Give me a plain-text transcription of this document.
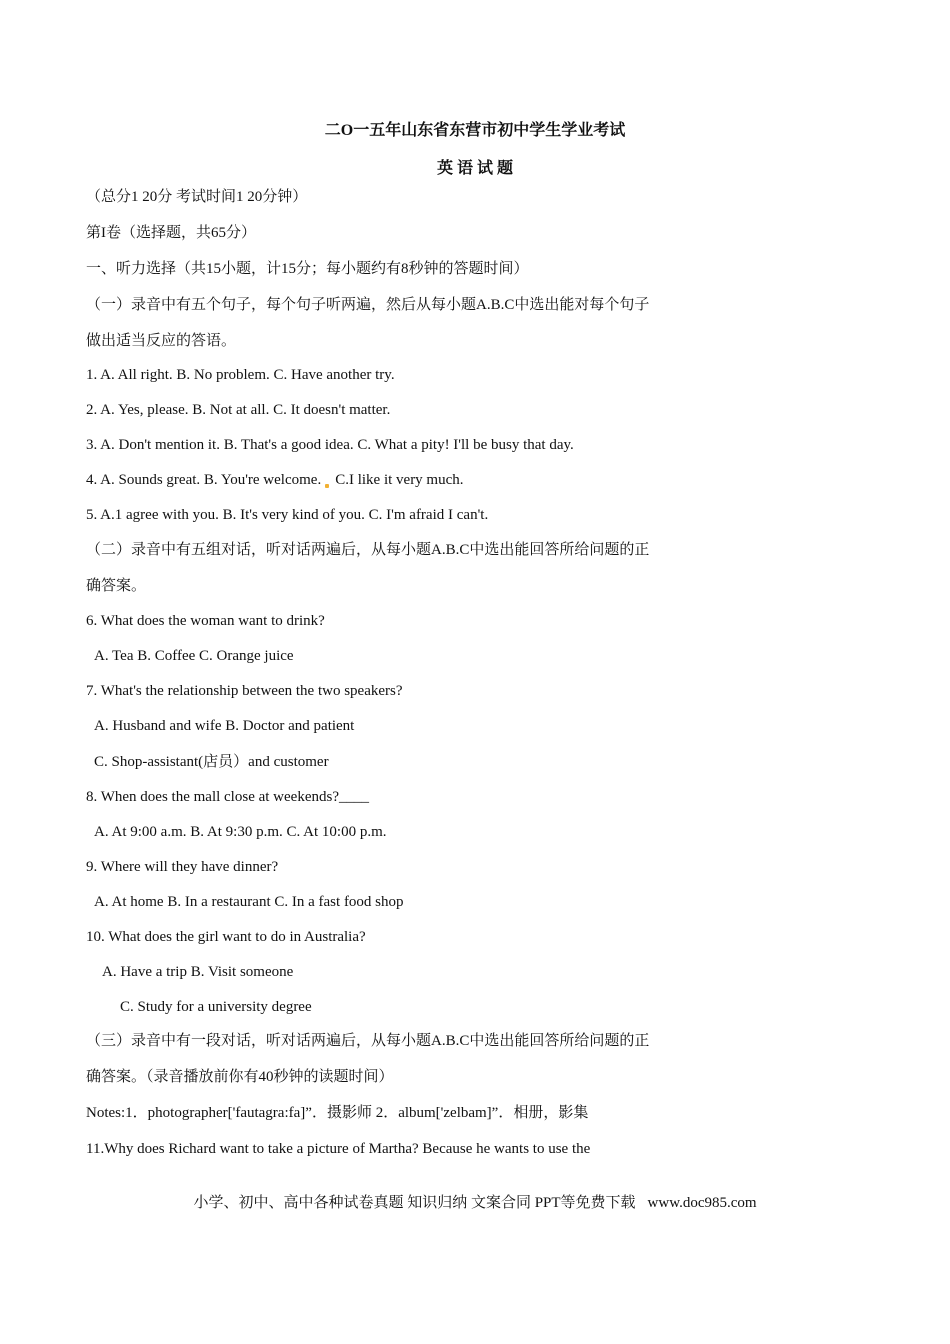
二O一五年山东省东营市初中学生学业考试
英 语 试 题
（总分1 20分 考试时间1 20分钟）
第I卷（选择题，共65分）
一、听力选择（共15小题，计15分；每小题约有8秒钟的答题时间）
（一）录音中有五个句子，每个句子听两遍，然后从每小题A.B.C中选出能对每个句子
做出适当反应的答语。
1. A. All right. B. No problem. C. Have another try.
2. A. Yes, please. B. Not at all. C. It doesn't matter.
3. A. Don't mention it. B. That's a good idea. C. What a pity! I'll be busy that day.
4. A. Sounds great. B. You're welcome. C.I like it very much.
5. A.1 agree with you. B. It's very kind of you. C. I'm afraid I can't.
（二）录音中有五组对话，听对话两遍后，从每小题A.B.C中选出能回答所给问题的正
确答案。
6. What does the woman want to drink?
A. Tea B. Coffee C. Orange juice
7. What's the relationship between the two speakers?
A. Husband and wife B. Doctor and patient
C. Shop-assistant(店员）and customer
8. When does the mall close at weekends?____
A. At 9:00 a.m. B. At 9:30 p.m. C. At 10:00 p.m.
9. Where will they have dinner?
A. At home B. In a restaurant C. In a fast food shop
10. What does the girl want to do in Australia?
A. Have a trip B. Visit someone
C. Study for a university degree
（三）录音中有一段对话，听对话两遍后，从每小题A.B.C中选出能回答所给问题的正
确答案。（录音播放前你有40秒钟的读题时间）
Notes:1．photographer['fautagra:fa]”．摄影师 2．album['zelbam]”．相册，影集
11.Why does Richard want to take a picture of Martha? Because he wants to use the
小学、初中、高中各种试卷真题 知识归纳 文案合同 PPT等免费下载 www.doc985.com
